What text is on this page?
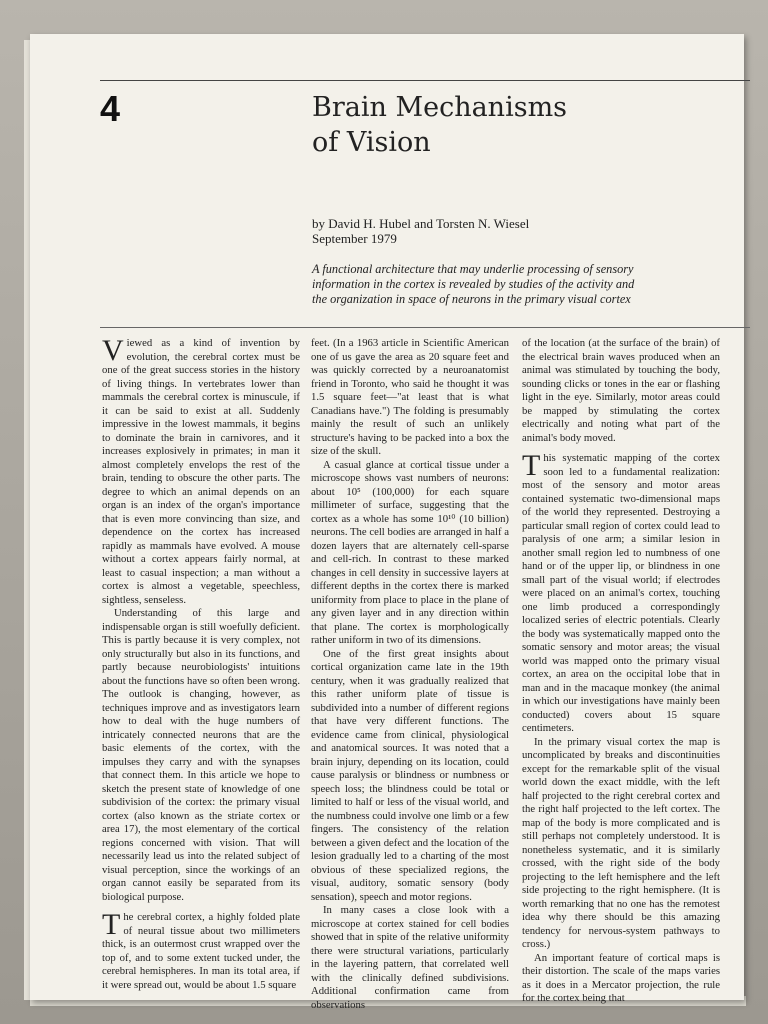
4	Brain Mechanisms
of Vision
by David H. Hubel and Torsten N. Wiesel
September 1979
A functional architecture that may underlie processing of sensory information in the cortex is revealed by studies of the activity and the organization in space of neurons in the primary visual cortex

Viewed as a kind of invention by evolution, the cerebral cortex must be one of the great success stories in the history of living things. In vertebrates lower than mammals the cerebral cortex is minuscule, if it can be said to exist at all. Suddenly impressive in the lowest mammals, it begins to dominate the brain in carnivores, and it increases explosively in primates; in man it almost completely envelops the rest of the brain, tending to obscure the other parts. The degree to which an animal depends on an organ is an index of the organ's importance that is even more convincing than size, and dependence on the cortex has increased rapidly as mammals have evolved. A mouse without a cortex appears fairly normal, at least to casual inspection; a man without a cortex is almost a vegetable, speechless, sightless, senseless.

Understanding of this large and indispensable organ is still woefully deficient. This is partly because it is very complex, not only structurally but also in its functions, and partly because neurobiologists' intuitions about the functions have so often been wrong. The outlook is changing, however, as techniques improve and as investigators learn how to deal with the huge numbers of intricately connected neurons that are the basic elements of the cortex, with the impulses they carry and with the synapses that connect them. In this article we hope to sketch the present state of knowledge of one subdivision of the cortex: the primary visual cortex (also known as the striate cortex or area 17), the most elementary of the cortical regions concerned with vision. That will necessarily lead us into the related subject of visual perception, since the workings of an organ cannot easily be separated from its biological purpose.

The cerebral cortex, a highly folded plate of neural tissue about two millimeters thick, is an outermost crust wrapped over the top of, and to some extent tucked under, the cerebral hemispheres. In man its total area, if it were spread out, would be about 1.5 square

feet. (In a 1963 article in Scientific American one of us gave the area as 20 square feet and was quickly corrected by a neuroanatomist friend in Toronto, who said he thought it was 1.5 square feet—"at least that is what Canadians have.") The folding is presumably mainly the result of such an unlikely structure's having to be packed into a box the size of the skull.

A casual glance at cortical tissue under a microscope shows vast numbers of neurons: about 10⁵ (100,000) for each square millimeter of surface, suggesting that the cortex as a whole has some 10¹⁰ (10 billion) neurons. The cell bodies are arranged in half a dozen layers that are alternately cell-sparse and cell-rich. In contrast to these marked changes in cell density in successive layers at different depths in the cortex there is marked uniformity from place to place in the plane of any given layer and in any direction within that plane. The cortex is morphologically rather uniform in two of its dimensions.

One of the first great insights about cortical organization came late in the 19th century, when it was gradually realized that this rather uniform plate of tissue is subdivided into a number of different regions that have very different functions. The evidence came from clinical, physiological and anatomical sources. It was noted that a brain injury, depending on its location, could cause paralysis or blindness or numbness or speech loss; the blindness could be total or limited to half or less of the visual world, and the numbness could involve one limb or a few fingers. The consistency of the relation between a given defect and the location of the lesion gradually led to a charting of the most obvious of these specialized regions, the visual, auditory, somatic sensory (body sensation), speech and motor regions.

In many cases a close look with a microscope at cortex stained for cell bodies showed that in spite of the relative uniformity there were structural variations, particularly in the layering pattern, that correlated well with the clinically defined subdivisions. Additional confirmation came from observations

of the location (at the surface of the brain) of the electrical brain waves produced when an animal was stimulated by touching the body, sounding clicks or tones in the ear or flashing light in the eye. Similarly, motor areas could be mapped by stimulating the cortex electrically and noting what part of the animal's body moved.

This systematic mapping of the cortex soon led to a fundamental realization: most of the sensory and motor areas contained systematic two-dimensional maps of the world they represented. Destroying a particular small region of cortex could lead to paralysis of one arm; a similar lesion in another small region led to numbness of one hand or of the upper lip, or blindness in one small part of the visual world; if electrodes were placed on an animal's cortex, touching one limb produced a correspondingly localized series of electric potentials. Clearly the body was systematically mapped onto the somatic sensory and motor areas; the visual world was mapped onto the primary visual cortex, an area on the occipital lobe that in man and in the macaque monkey (the animal in which our investigations have mainly been conducted) covers about 15 square centimeters.

In the primary visual cortex the map is uncomplicated by breaks and discontinuities except for the remarkable split of the visual world down the exact middle, with the left half projected to the right cerebral cortex and the right half projected to the left cortex. The map of the body is more complicated and is still perhaps not completely understood. It is nonetheless systematic, and it is similarly crossed, with the right side of the body projecting to the left hemisphere and the left side projecting to the right hemisphere. (It is worth remarking that no one has the remotest idea why there should be this amazing tendency for nervous-system pathways to cross.)

An important feature of cortical maps is their distortion. The scale of the maps varies as it does in a Mercator projection, the rule for the cortex being that
